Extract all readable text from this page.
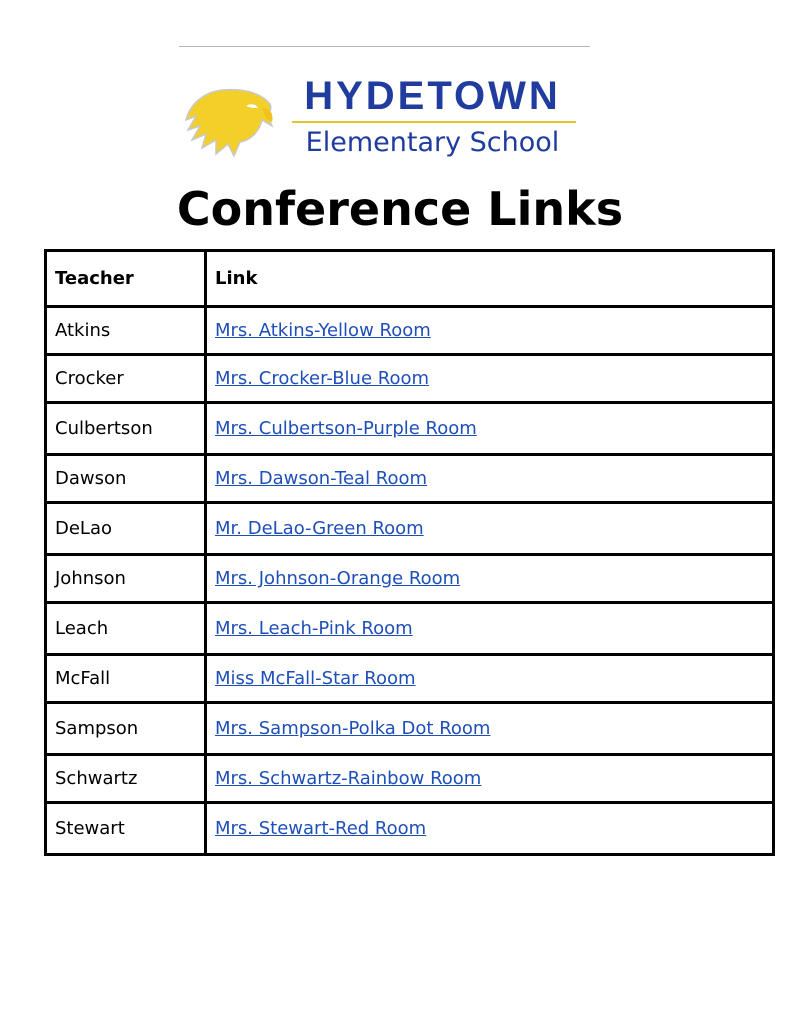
HYDETOWN
Elementary School
Conference Links
Teacher	Link
Atkins	Mrs. Atkins-Yellow Room
Crocker	Mrs. Crocker-Blue Room
Culbertson	Mrs. Culbertson-Purple Room
Dawson	Mrs. Dawson-Teal Room
DeLao	Mr. DeLao-Green Room
Johnson	Mrs. Johnson-Orange Room
Leach	Mrs. Leach-Pink Room
McFall	Miss McFall-Star Room
Sampson	Mrs. Sampson-Polka Dot Room
Schwartz	Mrs. Schwartz-Rainbow Room
Stewart	Mrs. Stewart-Red Room
